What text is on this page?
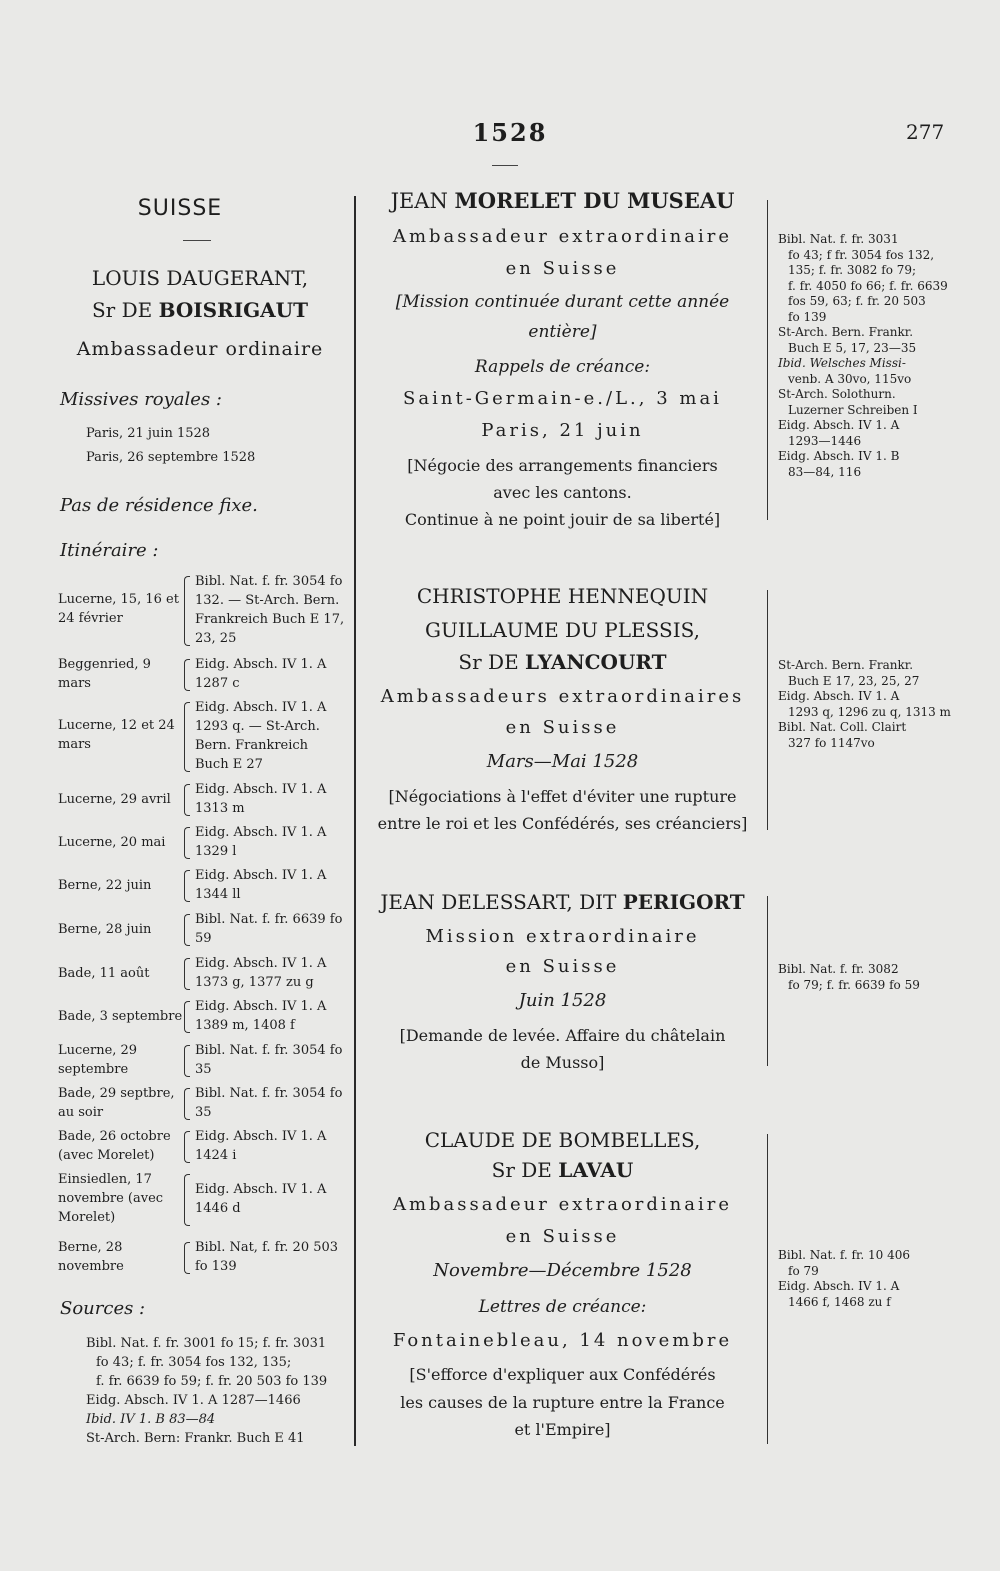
1528	277
SUISSE
LOUIS DAUGERANT,
Sr DE BOISRIGAUT
Ambassadeur ordinaire
Missives royales :
Paris, 21 juin 1528
Paris, 26 septembre 1528
Pas de résidence fixe.
Itinéraire :
Lucerne, 15, 16 et 24 février
Bibl. Nat. f. fr. 3054 fo 132. — St-Arch. Bern. Frankreich Buch E 17, 23, 25
Beggenried, 9 mars
Eidg. Absch. IV 1. A 1287 c
Lucerne, 12 et 24 mars
Eidg. Absch. IV 1. A 1293 q. — St-Arch. Bern. Frankreich Buch E 27
Lucerne, 29 avril
Eidg. Absch. IV 1. A 1313 m
Lucerne, 20 mai
Eidg. Absch. IV 1. A 1329 l
Berne, 22 juin
Eidg. Absch. IV 1. A 1344 ll
Berne, 28 juin
Bibl. Nat. f. fr. 6639 fo 59
Bade, 11 août
Eidg. Absch. IV 1. A 1373 g, 1377 zu g
Bade, 3 septembre
Eidg. Absch. IV 1. A 1389 m, 1408 f
Lucerne, 29 septembre
Bibl. Nat. f. fr. 3054 fo 35
Bade, 29 septbre, au soir
Bibl. Nat. f. fr. 3054 fo 35
Bade, 26 octobre (avec Morelet)
Eidg. Absch. IV 1. A 1424 i
Einsiedlen, 17 novembre (avec Morelet)
Eidg. Absch. IV 1. A 1446 d
Berne, 28 novembre
Bibl. Nat, f. fr. 20 503 fo 139
Sources :
Bibl. Nat. f. fr. 3001 fo 15; f. fr. 3031
fo 43; f. fr. 3054 fos 132, 135;
f. fr. 6639 fo 59; f. fr. 20 503 fo 139
Eidg. Absch. IV 1. A 1287—1466
Ibid. IV 1. B 83—84
St-Arch. Bern: Frankr. Buch E 41
JEAN MORELET DU MUSEAU
Ambassadeur extraordinaire
en Suisse
[Mission continuée durant cette année
entière]
Rappels de créance:
Saint-Germain-e./L., 3 mai
Paris, 21 juin
[Négocie des arrangements financiers
avec les cantons.
Continue à ne point jouir de sa liberté]
Bibl. Nat. f. fr. 3031
fo 43; f fr. 3054 fos 132,
135; f. fr. 3082 fo 79;
f. fr. 4050 fo 66; f. fr. 6639
fos 59, 63; f. fr. 20 503
fo 139
St-Arch. Bern. Frankr.
Buch E 5, 17, 23—35
Ibid. Welsches Missi-
venb. A 30vo, 115vo
St-Arch. Solothurn.
Luzerner Schreiben I
Eidg. Absch. IV 1. A
1293—1446
Eidg. Absch. IV 1. B
83—84, 116
CHRISTOPHE HENNEQUIN
GUILLAUME DU PLESSIS,
Sr DE LYANCOURT
Ambassadeurs extraordinaires
en Suisse
Mars—Mai 1528
[Négociations à l'effet d'éviter une rupture
entre le roi et les Confédérés, ses créanciers]
St-Arch. Bern. Frankr.
Buch E 17, 23, 25, 27
Eidg. Absch. IV 1. A
1293 q, 1296 zu q, 1313 m
Bibl. Nat. Coll. Clairt
327 fo 1147vo
JEAN DELESSART, DIT PERIGORT
Mission extraordinaire
en Suisse
Juin 1528
[Demande de levée. Affaire du châtelain
de Musso]
Bibl. Nat. f. fr. 3082
fo 79; f. fr. 6639 fo 59
CLAUDE DE BOMBELLES,
Sr DE LAVAU
Ambassadeur extraordinaire
en Suisse
Novembre—Décembre 1528
Lettres de créance:
Fontainebleau, 14 novembre
[S'efforce d'expliquer aux Confédérés
les causes de la rupture entre la France
et l'Empire]
Bibl. Nat. f. fr. 10 406
fo 79
Eidg. Absch. IV 1. A
1466 f, 1468 zu f
